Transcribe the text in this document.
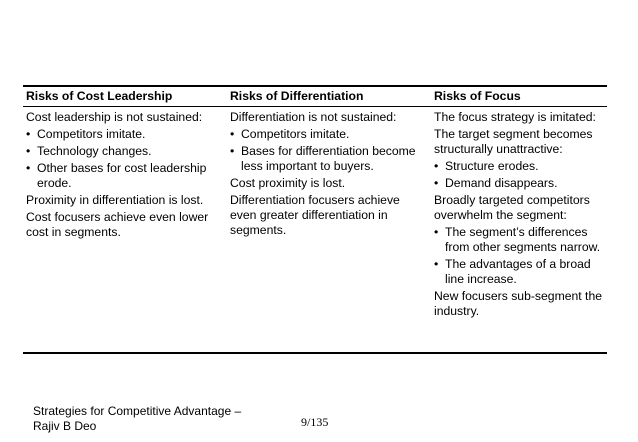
Risks of Cost Leadership
Cost leadership is not sustained:
• Competitors imitate.
• Technology changes.
• Other bases for cost leadership erode.
Proximity in differentiation is lost.
Cost focusers achieve even lower cost in segments.
Risks of Differentiation
Differentiation is not sustained:
• Competitors imitate.
• Bases for differentiation become less important to buyers.
Cost proximity is lost.
Differentiation focusers achieve even greater differentiation in segments.
Risks of Focus
The focus strategy is imitated:
The target segment becomes structurally unattractive:
• Structure erodes.
• Demand disappears.
Broadly targeted competitors overwhelm the segment:
• The segment’s differences from other segments narrow.
• The advantages of a broad line increase.
New focusers sub-segment the industry.
Strategies for Competitive Advantage –
Rajiv B Deo	9/135
